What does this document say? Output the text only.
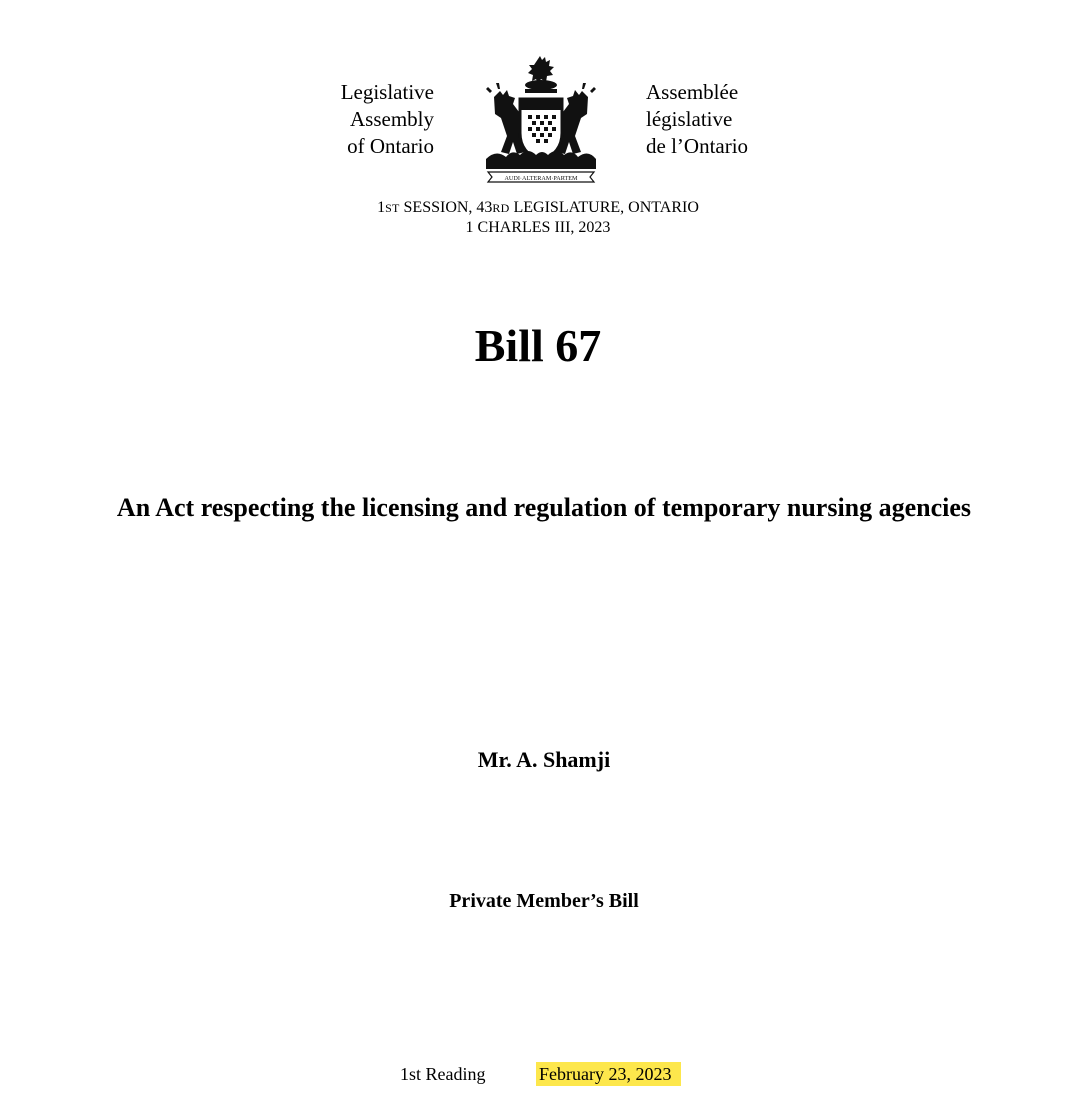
Legislative
Assembly
of Ontario
AUDI·ALTERAM·PARTEM
Assemblée
législative
de l’Ontario
1ST SESSION, 43RD LEGISLATURE, ONTARIO
1 CHARLES III, 2023
Bill 67
An Act respecting the licensing and regulation of temporary nursing agencies
Mr. A. Shamji
Private Member’s Bill
1st Reading	February 23, 2023
